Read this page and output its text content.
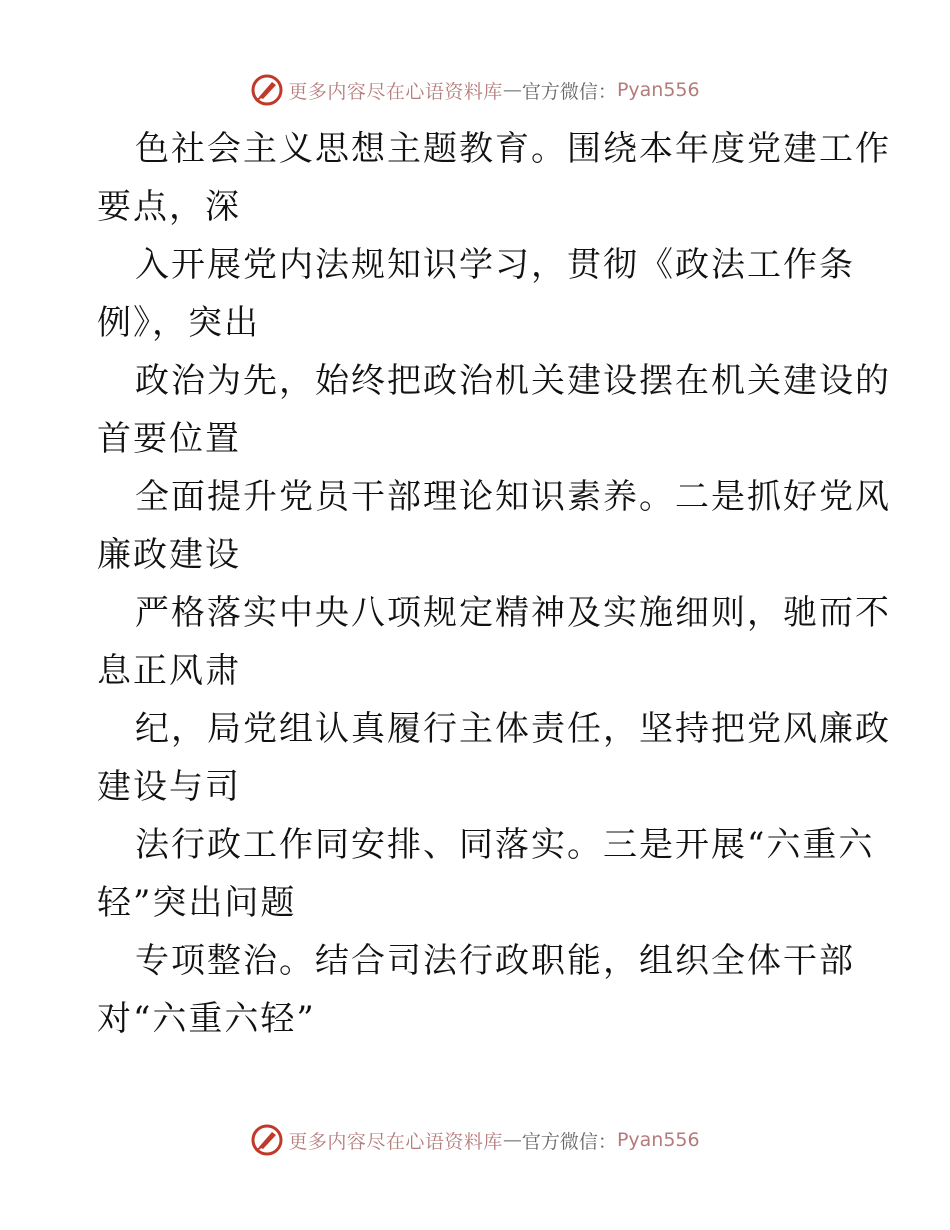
更多内容尽在心语资料库 — 官方微信： Pyan556
色社会主义思想主题教育。围绕本年度党建工作
要点，深
入开展党内法规知识学习，贯彻《政法工作条
例》，突出
政治为先，始终把政治机关建设摆在机关建设的
首要位置
全面提升党员干部理论知识素养。二是抓好党风
廉政建设
严格落实中央八项规定精神及实施细则，驰而不
息正风肃
纪，局党组认真履行主体责任，坚持把党风廉政
建设与司
法行政工作同安排、同落实。三是开展“六重六
轻”突出问题
专项整治。结合司法行政职能，组织全体干部
对“六重六轻”
更多内容尽在心语资料库 — 官方微信： Pyan556
